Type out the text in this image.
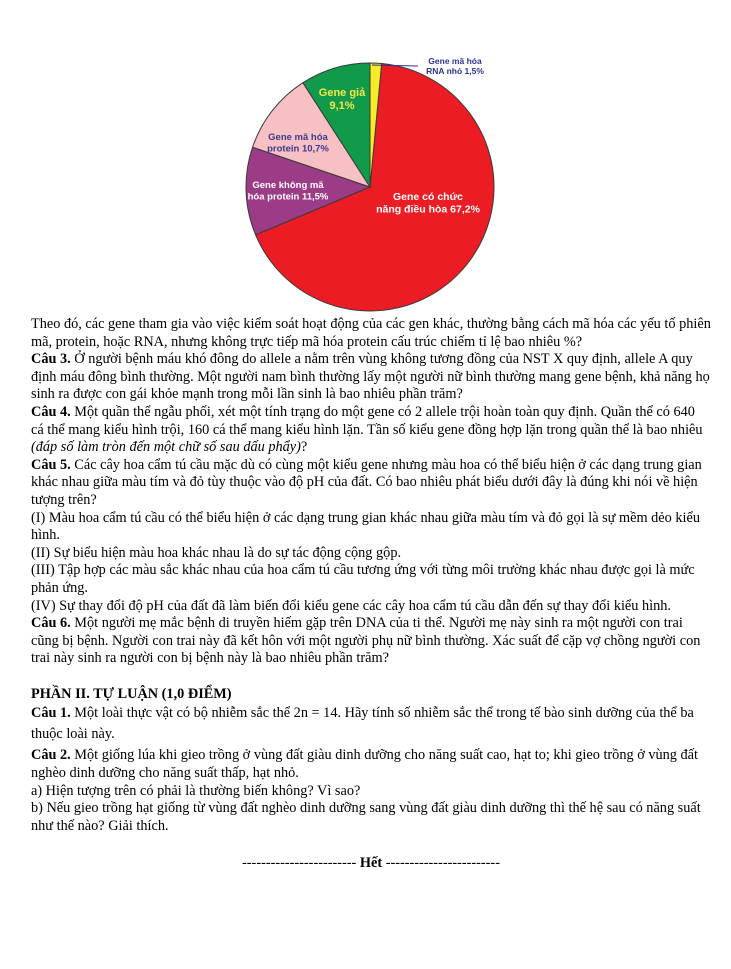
Gene có chức năng điều hòa 67,2%
Gene không mã hóa protein 11,5%
Gene mã hóa protein 10,7%
Gene giả 9,1%
Gene mã hóa RNA nhỏ 1,5%

Theo đó, các gene tham gia vào việc kiểm soát hoạt động của các gen khác, thường bằng cách mã hóa các yếu tố phiên mã, protein, hoặc RNA, nhưng không trực tiếp mã hóa protein cấu trúc chiếm tỉ lệ bao nhiêu %?

Câu 3. Ở người bệnh máu khó đông do allele a nằm trên vùng không tương đồng của NST X quy định, allele A quy định máu đông bình thường. Một người nam bình thường lấy một người nữ bình thường mang gene bệnh, khả năng họ sinh ra được con gái khỏe mạnh trong mỗi lần sinh là bao nhiêu phần trăm?

Câu 4. Một quần thể ngẫu phối, xét một tính trạng do một gene có 2 allele trội hoàn toàn quy định. Quần thể có 640 cá thể mang kiểu hình trội, 160 cá thể mang kiểu hình lặn. Tần số kiểu gene đồng hợp lặn trong quần thể là bao nhiêu (đáp số làm tròn đến một chữ số sau dấu phẩy)?

Câu 5. Các cây hoa cẩm tú cầu mặc dù có cùng một kiểu gene nhưng màu hoa có thể biểu hiện ở các dạng trung gian khác nhau giữa màu tím và đỏ tùy thuộc vào độ pH của đất. Có bao nhiêu phát biểu dưới đây là đúng khi nói về hiện tượng trên?

(I) Màu hoa cẩm tú cầu có thể biểu hiện ở các dạng trung gian khác nhau giữa màu tím và đỏ gọi là sự mềm dẻo kiểu hình.

(II) Sự biểu hiện màu hoa khác nhau là do sự tác động cộng gộp.

(III) Tập hợp các màu sắc khác nhau của hoa cẩm tú cầu tương ứng với từng môi trường khác nhau được gọi là mức phản ứng.

(IV) Sự thay đổi độ pH của đất đã làm biến đổi kiểu gene các cây hoa cẩm tú cầu dẫn đến sự thay đổi kiểu hình.

Câu 6. Một người mẹ mắc bệnh di truyền hiếm gặp trên DNA của ti thể. Người mẹ này sinh ra một người con trai cũng bị bệnh. Người con trai này đã kết hôn với một người phụ nữ bình thường. Xác suất để cặp vợ chồng người con trai này sinh ra người con bị bệnh này là bao nhiêu phần trăm?

PHẦN II. TỰ LUẬN (1,0 ĐIỂM)

Câu 1. Một loài thực vật có bộ nhiễm sắc thể 2n = 14. Hãy tính số nhiễm sắc thể trong tế bào sinh dưỡng của thể ba thuộc loài này.

Câu 2. Một giống lúa khi gieo trồng ở vùng đất giàu dinh dưỡng cho năng suất cao, hạt to; khi gieo trồng ở vùng đất nghèo dinh dưỡng cho năng suất thấp, hạt nhỏ.

a) Hiện tượng trên có phải là thường biến không? Vì sao?

b) Nếu gieo trồng hạt giống từ vùng đất nghèo dinh dưỡng sang vùng đất giàu dinh dưỡng thì thế hệ sau có năng suất như thế nào? Giải thích.

------------------------ Hết ------------------------
